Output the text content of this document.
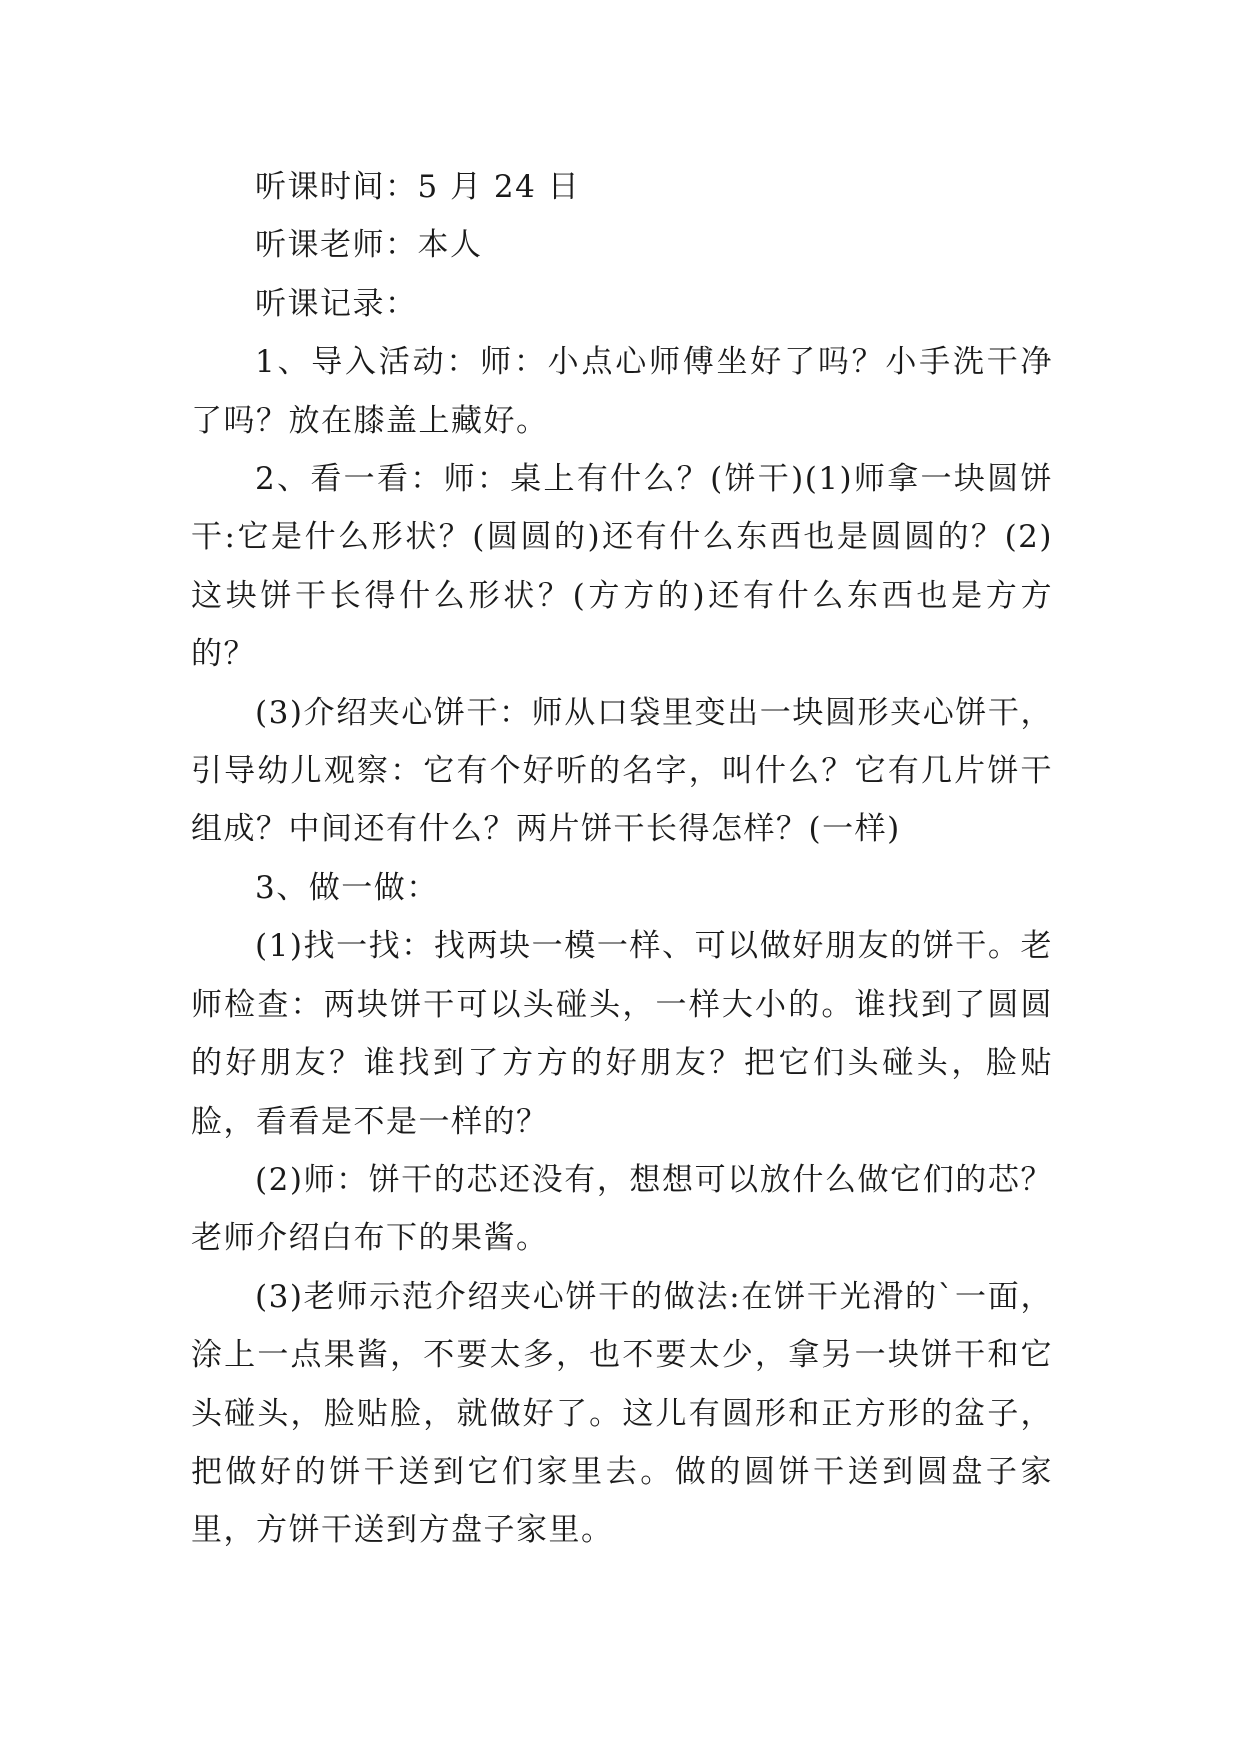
听课时间：5 月 24 日

听课老师：本人

听课记录：

1、导入活动：师：小点心师傅坐好了吗？小手洗干净了吗？放在膝盖上藏好。

2、看一看：师：桌上有什么？(饼干)(1)师拿一块圆饼干:它是什么形状？(圆圆的)还有什么东西也是圆圆的？(2)这块饼干长得什么形状？(方方的)还有什么东西也是方方的？

(3)介绍夹心饼干：师从口袋里变出一块圆形夹心饼干，引导幼儿观察：它有个好听的名字，叫什么？它有几片饼干组成？中间还有什么？两片饼干长得怎样？(一样)

3、做一做：

(1)找一找：找两块一模一样、可以做好朋友的饼干。老师检查：两块饼干可以头碰头，一样大小的。谁找到了圆圆的好朋友？谁找到了方方的好朋友？把它们头碰头，脸贴脸，看看是不是一样的？

(2)师：饼干的芯还没有，想想可以放什么做它们的芯？老师介绍白布下的果酱。

(3)老师示范介绍夹心饼干的做法:在饼干光滑的`一面，涂上一点果酱，不要太多，也不要太少，拿另一块饼干和它头碰头，脸贴脸，就做好了。这儿有圆形和正方形的盆子，把做好的饼干送到它们家里去。做的圆饼干送到圆盘子家里，方饼干送到方盘子家里。
